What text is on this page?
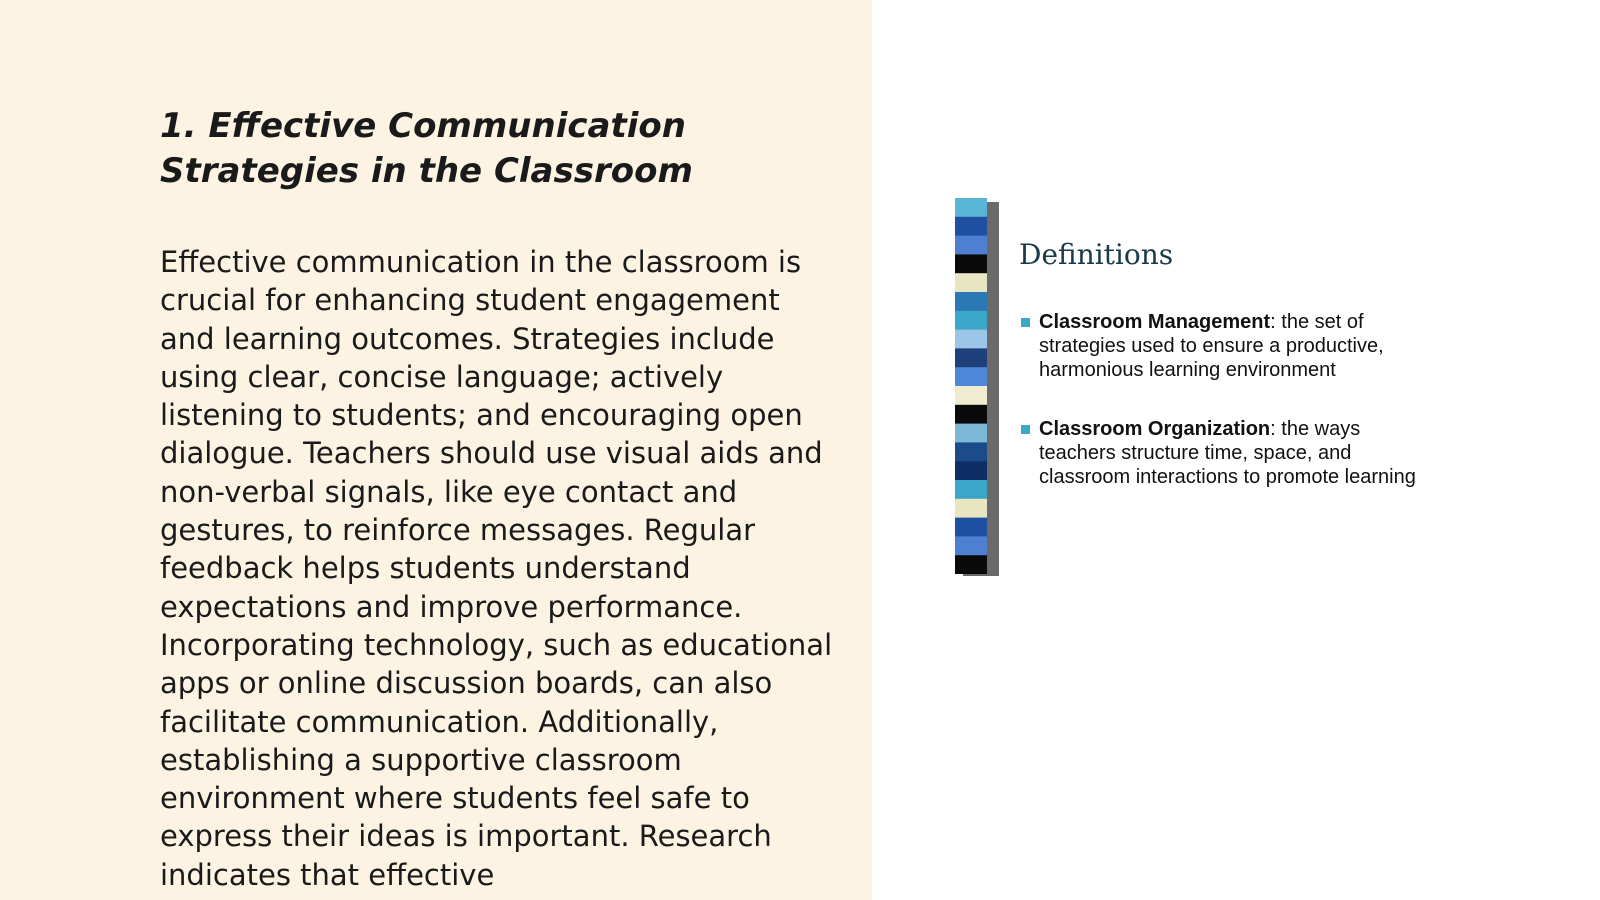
1. Effective Communication Strategies in the Classroom

Effective communication in the classroom is crucial for enhancing student engagement and learning outcomes. Strategies include using clear, concise language; actively listening to students; and encouraging open dialogue. Teachers should use visual aids and non-verbal signals, like eye contact and gestures, to reinforce messages. Regular feedback helps students understand expectations and improve performance. Incorporating technology, such as educational apps or online discussion boards, can also facilitate communication. Additionally, establishing a supportive classroom environment where students feel safe to express their ideas is important. Research indicates that effective

Definitions
Classroom Management: the set of strategies used to ensure a productive, harmonious learning environment
Classroom Organization: the ways teachers structure time, space, and classroom interactions to promote learning
